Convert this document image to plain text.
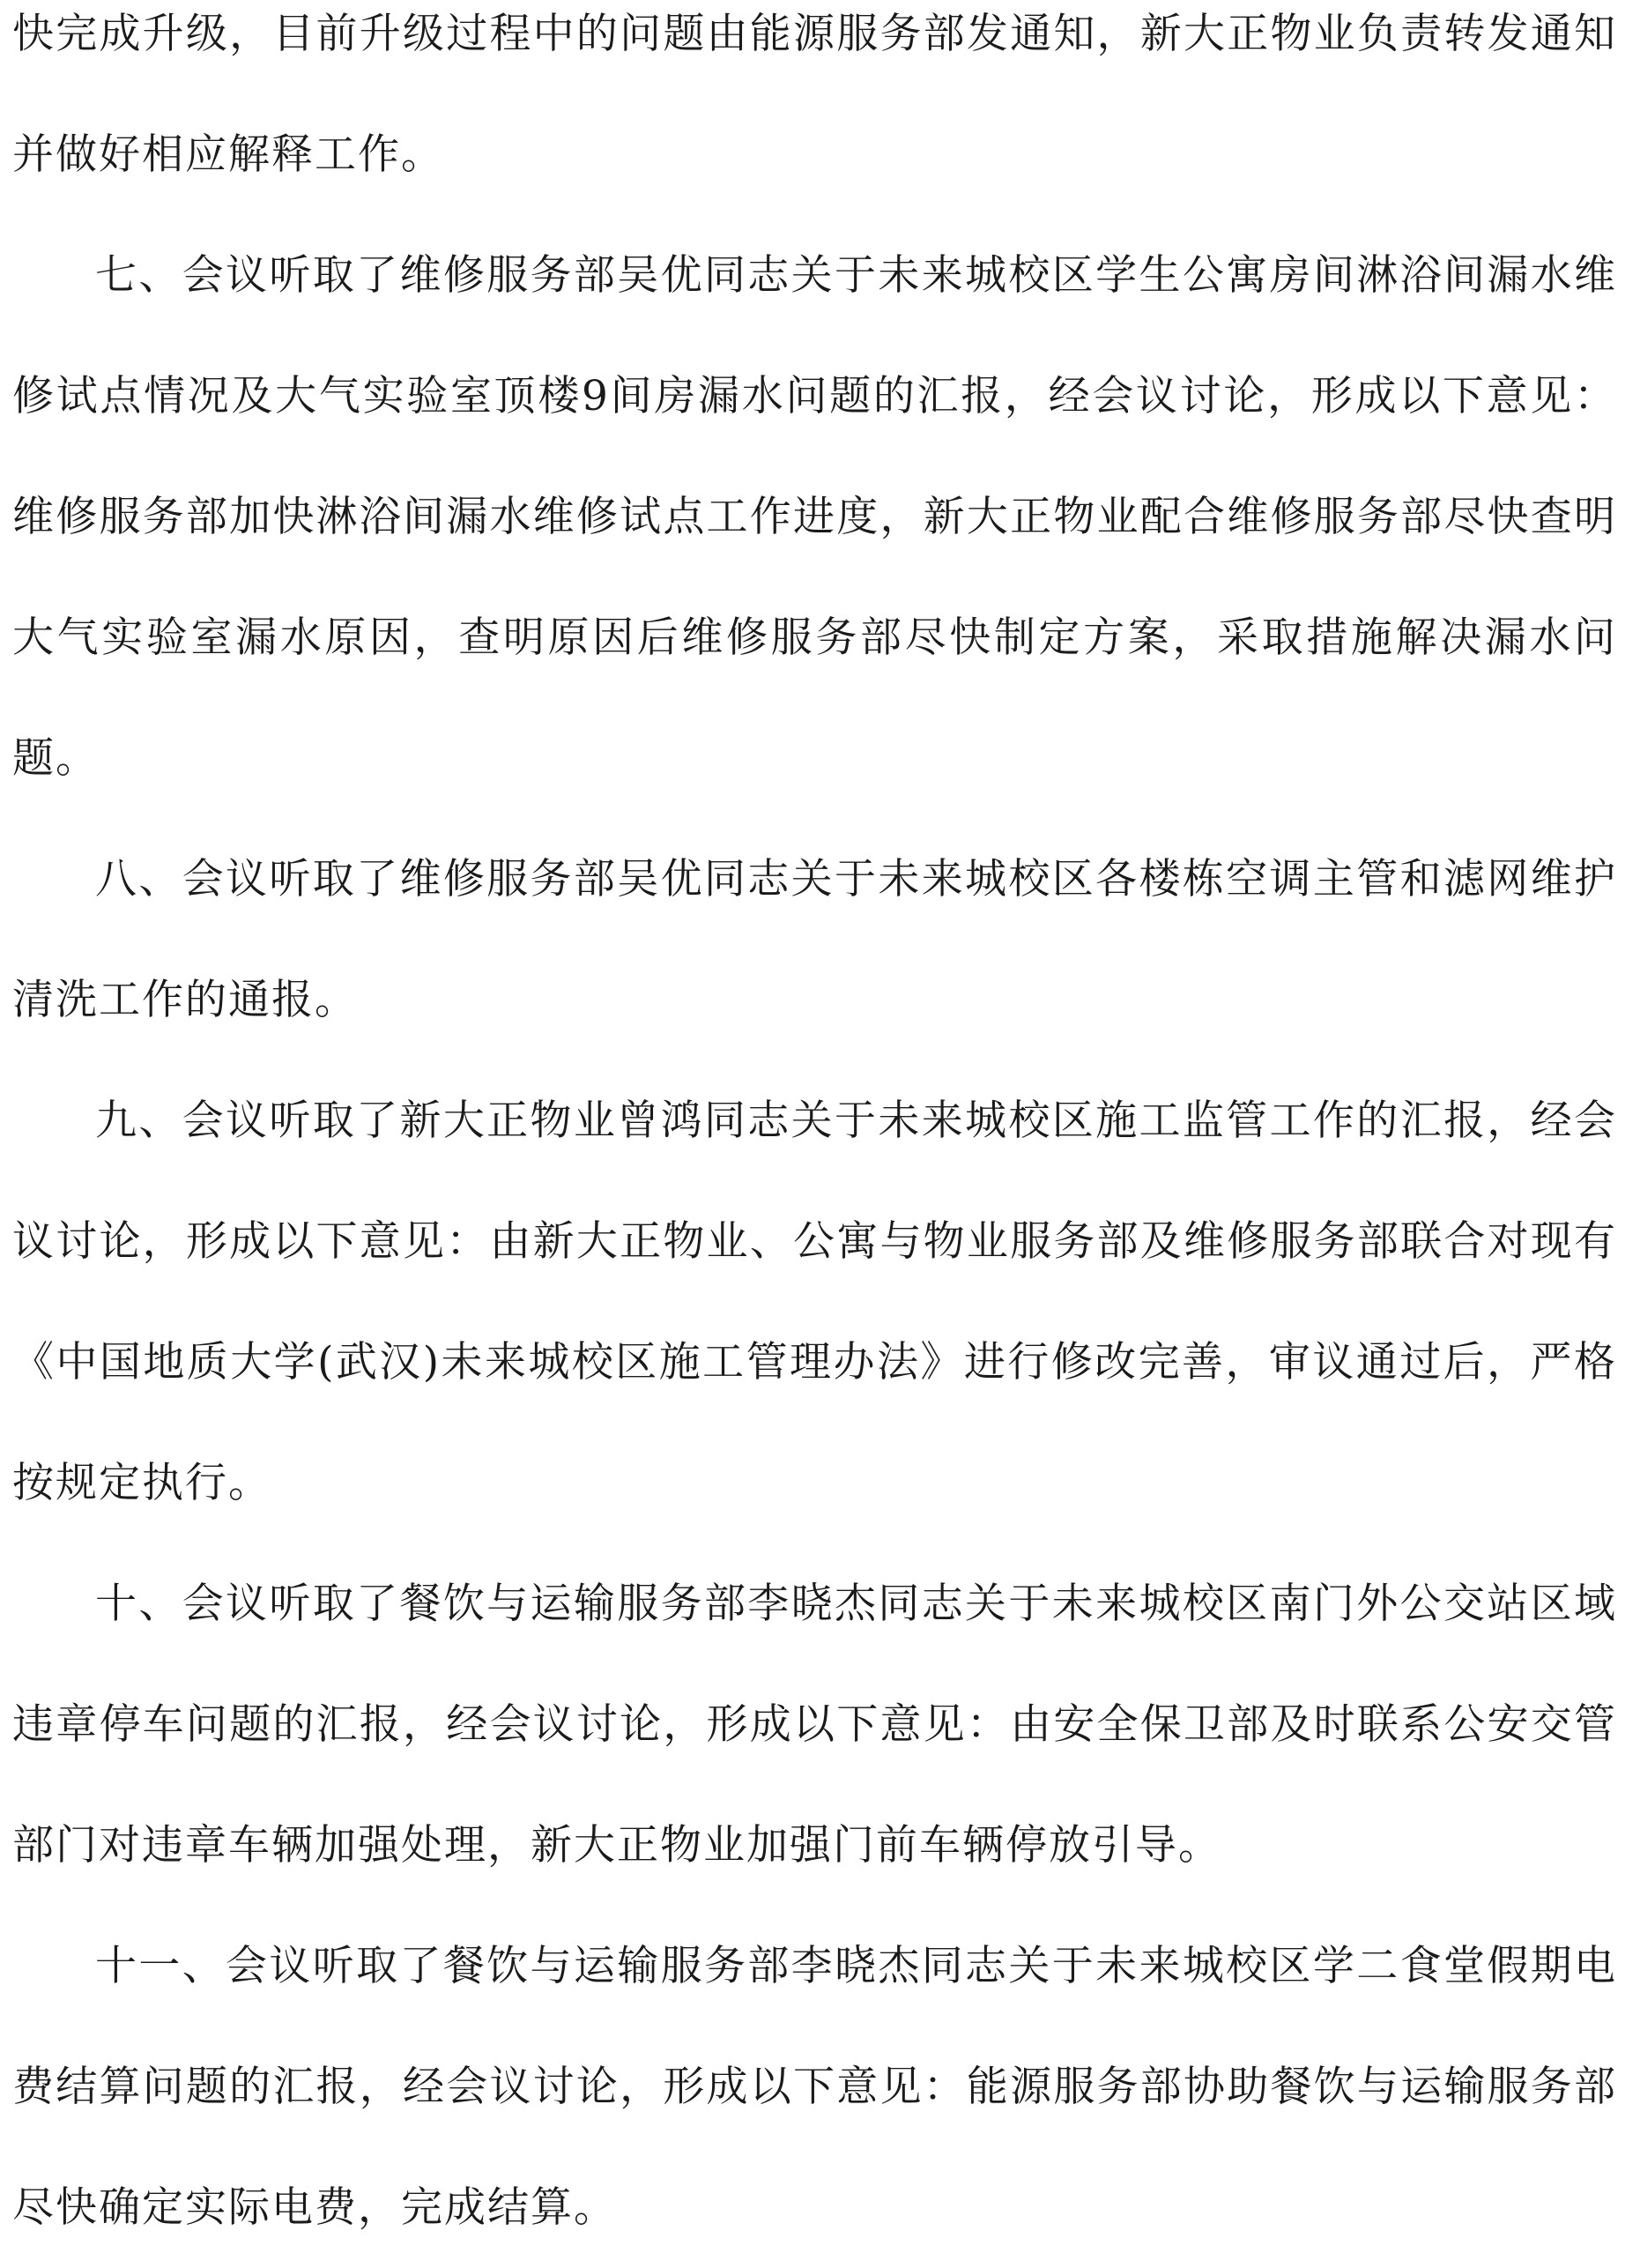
快完成升级，目前升级过程中的问题由能源服务部发通知，新大正物业负责转发通知并做好相应解释工作。

七、会议听取了维修服务部吴优同志关于未来城校区学生公寓房间淋浴间漏水维修试点情况及大气实验室顶楼9间房漏水问题的汇报，经会议讨论，形成以下意见：维修服务部加快淋浴间漏水维修试点工作进度，新大正物业配合维修服务部尽快查明大气实验室漏水原因，查明原因后维修服务部尽快制定方案，采取措施解决漏水问题。

八、会议听取了维修服务部吴优同志关于未来城校区各楼栋空调主管和滤网维护清洗工作的通报。

九、会议听取了新大正物业曾鸿同志关于未来城校区施工监管工作的汇报，经会议讨论，形成以下意见：由新大正物业、公寓与物业服务部及维修服务部联合对现有《中国地质大学(武汉)未来城校区施工管理办法》进行修改完善，审议通过后，严格按规定执行。

十、会议听取了餐饮与运输服务部李晓杰同志关于未来城校区南门外公交站区域违章停车问题的汇报，经会议讨论，形成以下意见：由安全保卫部及时联系公安交管部门对违章车辆加强处理，新大正物业加强门前车辆停放引导。

十一、会议听取了餐饮与运输服务部李晓杰同志关于未来城校区学二食堂假期电费结算问题的汇报，经会议讨论，形成以下意见：能源服务部协助餐饮与运输服务部尽快确定实际电费，完成结算。
